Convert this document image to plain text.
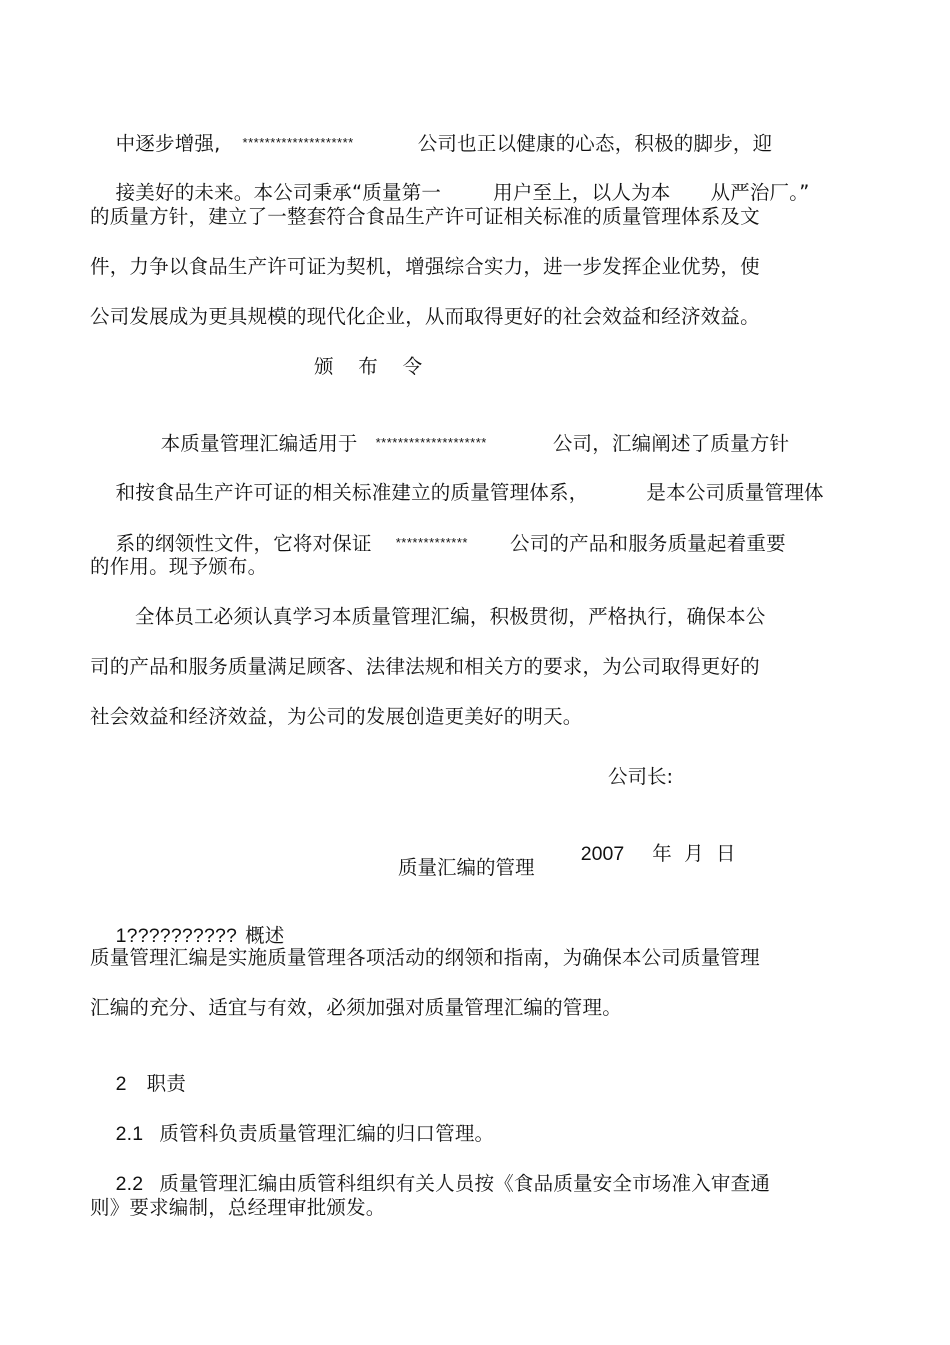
中逐步增强, ********************	公司也正以健康的心态，积极的脚步，迎

接美好的未来。本公司秉承“质量第一	用户至上，以人为本 从严治厂。”

的质量方针，建立了一整套符合食品生产许可证相关标准的质量管理体系及文
件，力争以食品生产许可证为契机，增强综合实力，进一步发挥企业优势，使
公司发展成为更具规模的现代化企业，从而取得更好的社会效益和经济效益。
颁    布    令

本质量管理汇编适用于 ********************	公司，汇编阐述了质量方针

和按食品生产许可证的相关标准建立的质量管理体系，	是本公司质量管理体

系的纲领性文件，它将对保证 ************* 公司的产品和服务质量起着重要

的作用。现予颁布。
全体员工必须认真学习本质量管理汇编，积极贯彻，严格执行，确保本公
司的产品和服务质量满足顾客、法律法规和相关方的要求，为公司取得更好的
社会效益和经济效益，为公司的发展创造更美好的明天。
公司长:

2007 年  月  日

质量汇编的管理

1?????????? 概述

质量管理汇编是实施质量管理各项活动的纲领和指南，为确保本公司质量管理
汇编的充分、适宜与有效，必须加强对质量管理汇编的管理。

2 职责

2.1 质管科负责质量管理汇编的归口管理。

2.2 质量管理汇编由质管科组织有关人员按《食品质量安全市场准入审查通

则》要求编制，总经理审批颁发。
